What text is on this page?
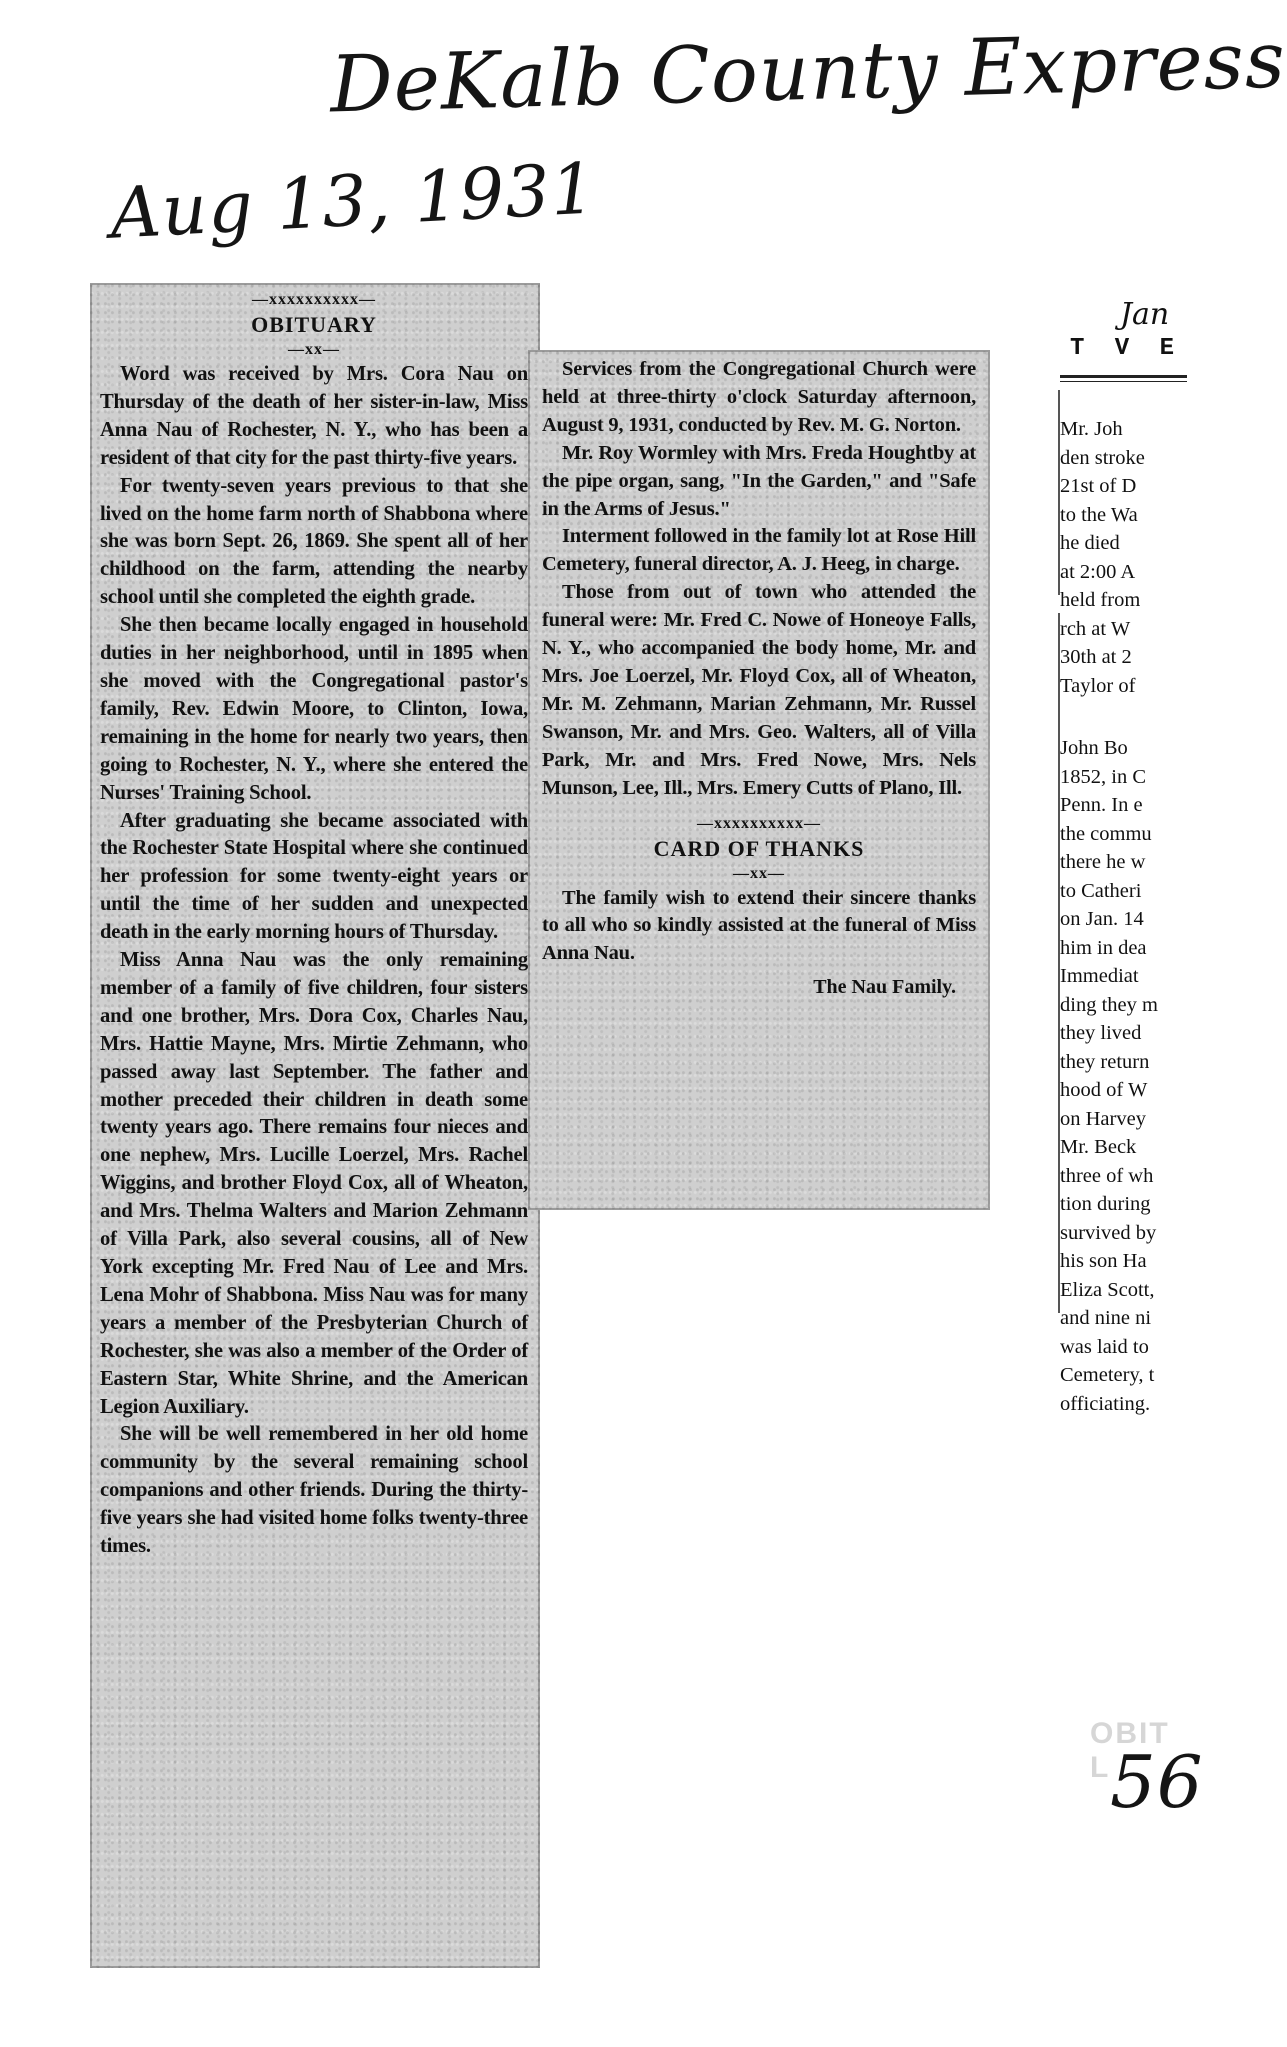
DeKalb County Express
Aug 13, 1931
—xxxxxxxxxx—
OBITUARY
—xx—

Word was received by Mrs. Cora Nau on Thursday of the death of her sister-in-law, Miss Anna Nau of Rochester, N. Y., who has been a resident of that city for the past thirty-five years.

For twenty-seven years previous to that she lived on the home farm north of Shabbona where she was born Sept. 26, 1869. She spent all of her childhood on the farm, attending the nearby school until she completed the eighth grade.

She then became locally engaged in household duties in her neighborhood, until in 1895 when she moved with the Congregational pastor's family, Rev. Edwin Moore, to Clinton, Iowa, remaining in the home for nearly two years, then going to Rochester, N. Y., where she entered the Nurses' Training School.

After graduating she became associated with the Rochester State Hospital where she continued her profession for some twenty-eight years or until the time of her sudden and unexpected death in the early morning hours of Thursday.

Miss Anna Nau was the only remaining member of a family of five children, four sisters and one brother, Mrs. Dora Cox, Charles Nau, Mrs. Hattie Mayne, Mrs. Mirtie Zehmann, who passed away last September. The father and mother preceded their children in death some twenty years ago. There remains four nieces and one nephew, Mrs. Lucille Loerzel, Mrs. Rachel Wiggins, and brother Floyd Cox, all of Wheaton, and Mrs. Thelma Walters and Marion Zehmann of Villa Park, also several cousins, all of New York excepting Mr. Fred Nau of Lee and Mrs. Lena Mohr of Shabbona. Miss Nau was for many years a member of the Presbyterian Church of Rochester, she was also a member of the Order of Eastern Star, White Shrine, and the American Legion Auxiliary.

She will be well remembered in her old home community by the several remaining school companions and other friends. During the thirty-five years she had visited home folks twenty-three times.

Services from the Congregational Church were held at three-thirty o'clock Saturday afternoon, August 9, 1931, conducted by Rev. M. G. Norton.

Mr. Roy Wormley with Mrs. Freda Houghtby at the pipe organ, sang, "In the Garden," and "Safe in the Arms of Jesus."

Interment followed in the family lot at Rose Hill Cemetery, funeral director, A. J. Heeg, in charge.

Those from out of town who attended the funeral were: Mr. Fred C. Nowe of Honeoye Falls, N. Y., who accompanied the body home, Mr. and Mrs. Joe Loerzel, Mr. Floyd Cox, all of Wheaton, Mr. M. Zehmann, Marian Zehmann, Mr. Russel Swanson, Mr. and Mrs. Geo. Walters, all of Villa Park, Mr. and Mrs. Fred Nowe, Mrs. Nels Munson, Lee, Ill., Mrs. Emery Cutts of Plano, Ill.

—xxxxxxxxxx—
CARD OF THANKS
—xx—

The family wish to extend their sincere thanks to all who so kindly assisted at the funeral of Miss Anna Nau.

The Nau Family.
Jan
T V E
Mr. Joh
den stroke
21st of D
to the Wa
he died
at 2:00 A
held from
rch at W
30th at 2
Taylor of
John Bo
1852, in C
Penn. In e
the commu
there he w
to Catheri
on Jan. 14
him in dea
Immediat
ding they m
they lived
they return
hood of W
on Harvey
Mr. Beck
three of wh
tion during
survived by
his son Ha
Eliza Scott,
and nine ni
was laid to
Cemetery, t
officiating.
OBIT L 56
